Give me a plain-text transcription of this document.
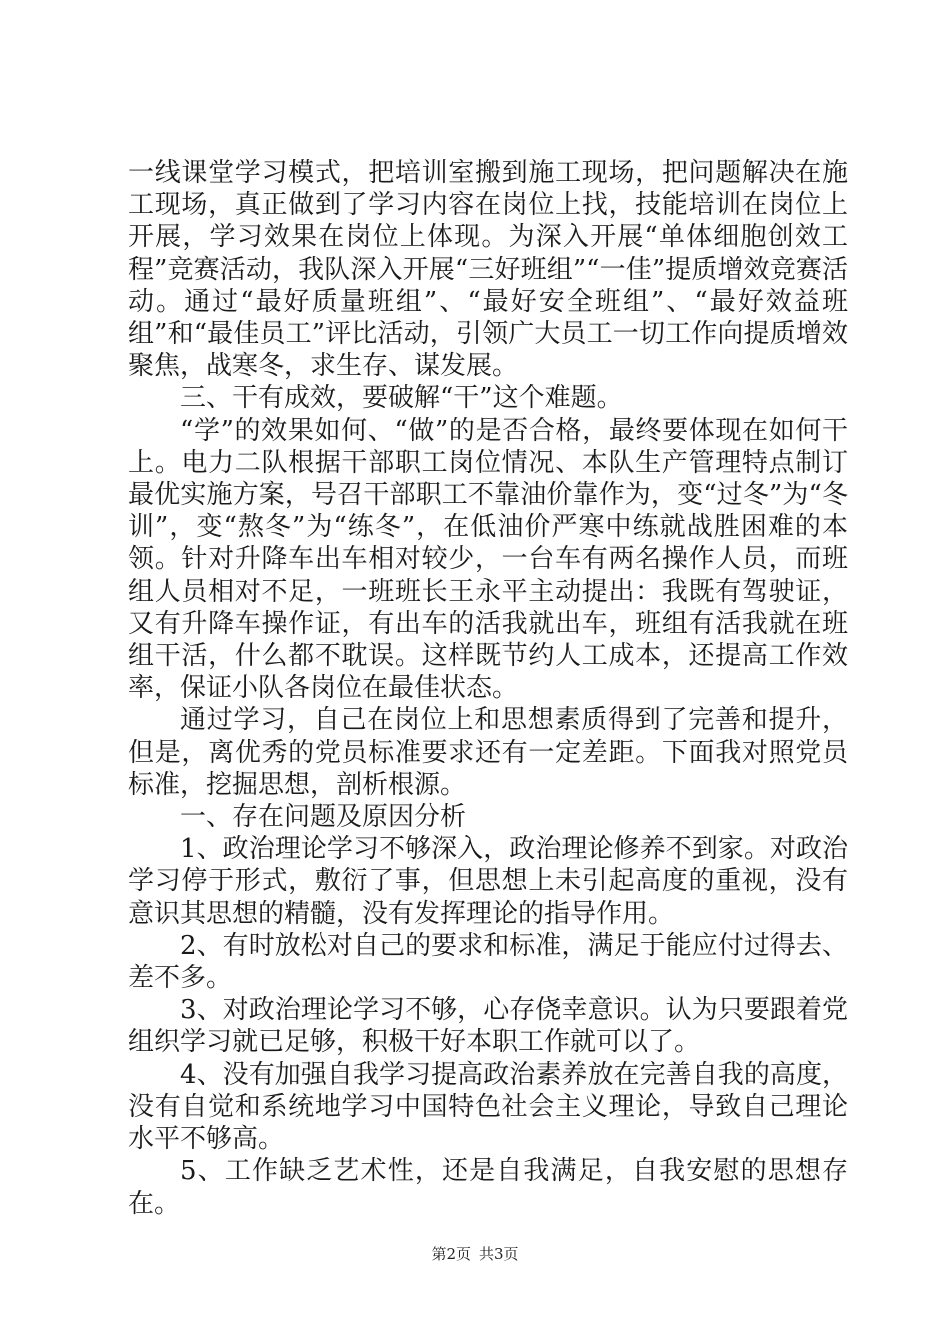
一线课堂学习模式，把培训室搬到施工现场，把问题解决在施工现场，真正做到了学习内容在岗位上找，技能培训在岗位上开展，学习效果在岗位上体现。为深入开展“单体细胞创效工程”竞赛活动，我队深入开展“三好班组”“一佳”提质增效竞赛活动。通过“最好质量班组”、“最好安全班组”、“最好效益班组”和“最佳员工”评比活动，引领广大员工一切工作向提质增效聚焦，战寒冬，求生存、谋发展。

三、干有成效，要破解“干”这个难题。

“学”的效果如何、“做”的是否合格，最终要体现在如何干上。电力二队根据干部职工岗位情况、本队生产管理特点制订最优实施方案，号召干部职工不靠油价靠作为，变“过冬”为“冬训”，变“熬冬”为“练冬”，在低油价严寒中练就战胜困难的本领。针对升降车出车相对较少，一台车有两名操作人员，而班组人员相对不足，一班班长王永平主动提出：我既有驾驶证，又有升降车操作证，有出车的活我就出车，班组有活我就在班组干活，什么都不耽误。这样既节约人工成本，还提高工作效率，保证小队各岗位在最佳状态。

通过学习，自己在岗位上和思想素质得到了完善和提升，但是，离优秀的党员标准要求还有一定差距。下面我对照党员标准，挖掘思想，剖析根源。

一、存在问题及原因分析

1、政治理论学习不够深入，政治理论修养不到家。对政治学习停于形式，敷衍了事，但思想上未引起高度的重视，没有意识其思想的精髓，没有发挥理论的指导作用。

2、有时放松对自己的要求和标准，满足于能应付过得去、差不多。

3、对政治理论学习不够，心存侥幸意识。认为只要跟着党组织学习就已足够，积极干好本职工作就可以了。

4、没有加强自我学习提高政治素养放在完善自我的高度，没有自觉和系统地学习中国特色社会主义理论，导致自己理论水平不够高。

5、工作缺乏艺术性，还是自我满足，自我安慰的思想存在。

第2页 共3页
